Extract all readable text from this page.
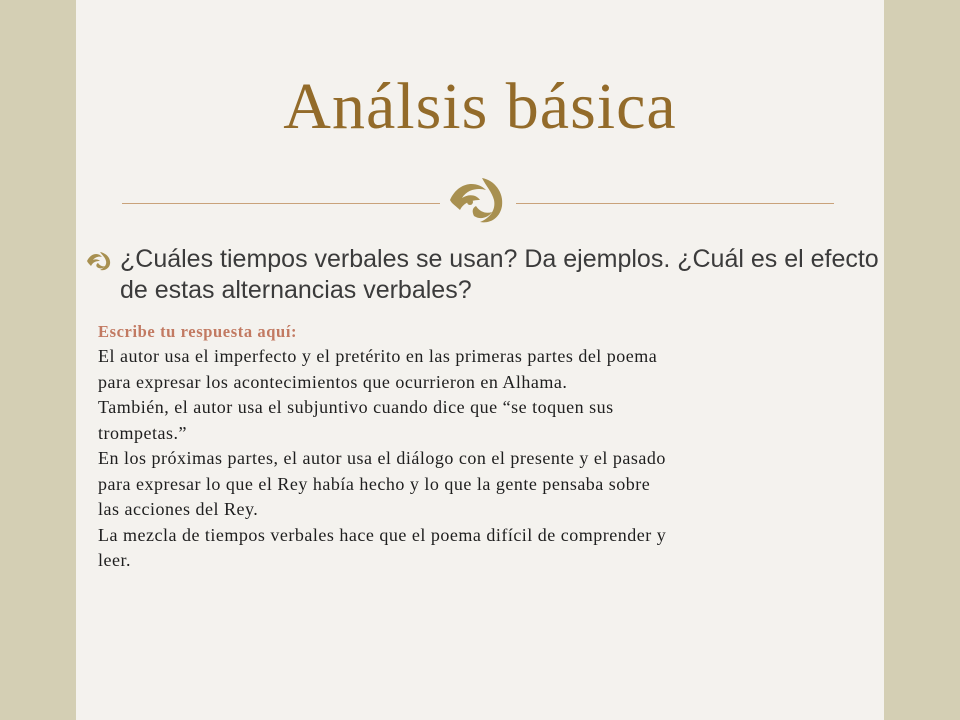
Análsis básica
¿Cuáles tiempos verbales se usan? Da ejemplos. ¿Cuál es el efecto de estas alternancias verbales?
Escribe tu respuesta aquí:
El autor usa el imperfecto y el pretérito en las primeras partes del poema
para expresar los acontecimientos que ocurrieron en Alhama.
También, el autor usa el subjuntivo cuando dice que “se toquen sus
trompetas.”
En los próximas partes, el autor usa el diálogo con el presente y el pasado
para expresar lo que el Rey había hecho y lo que la gente pensaba sobre
las acciones del Rey.
La mezcla de tiempos verbales hace que el poema difícil de comprender y
leer.
